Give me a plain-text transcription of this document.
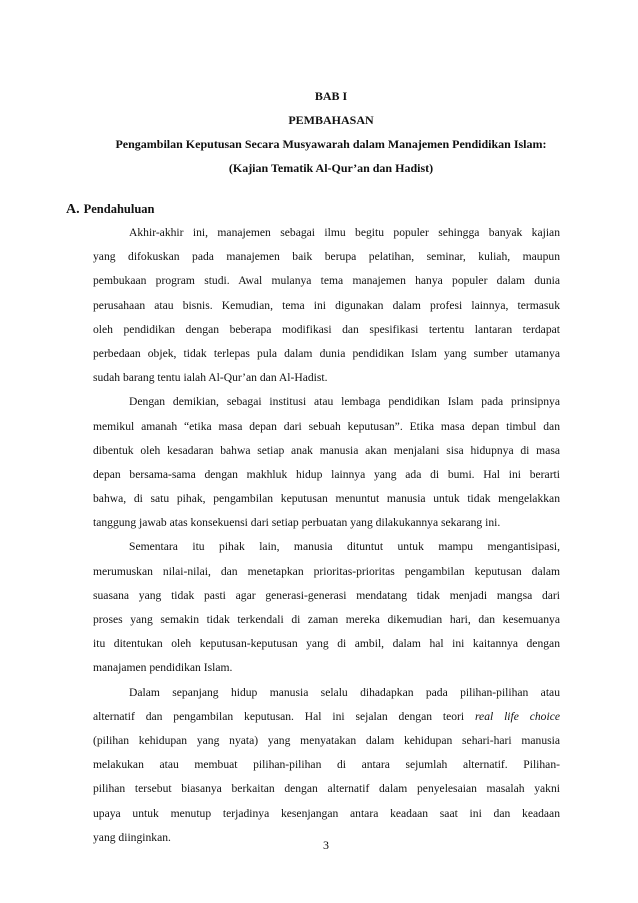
BAB I
PEMBAHASAN
Pengambilan Keputusan Secara Musyawarah dalam Manajemen Pendidikan Islam:
(Kajian Tematik Al-Qur’an dan Hadist)
A. Pendahuluan
Akhir-akhir ini, manajemen sebagai ilmu begitu populer sehingga banyak kajian
yang difokuskan pada manajemen baik berupa pelatihan, seminar, kuliah, maupun
pembukaan program studi. Awal mulanya tema manajemen hanya populer dalam dunia
perusahaan atau bisnis. Kemudian, tema ini digunakan dalam profesi lainnya, termasuk
oleh pendidikan dengan beberapa modifikasi dan spesifikasi tertentu lantaran terdapat
perbedaan objek, tidak terlepas pula dalam dunia pendidikan Islam yang sumber utamanya
sudah barang tentu ialah Al-Qur’an dan Al-Hadist.
Dengan demikian, sebagai institusi atau lembaga pendidikan Islam pada prinsipnya
memikul amanah “etika masa depan dari sebuah keputusan”. Etika masa depan timbul dan
dibentuk oleh kesadaran bahwa setiap anak manusia akan menjalani sisa hidupnya di masa
depan bersama-sama dengan makhluk hidup lainnya yang ada di bumi. Hal ini berarti
bahwa, di satu pihak, pengambilan keputusan menuntut manusia untuk tidak mengelakkan
tanggung jawab atas konsekuensi dari setiap perbuatan yang dilakukannya sekarang ini.
Sementara itu pihak lain, manusia dituntut untuk mampu mengantisipasi,
merumuskan nilai-nilai, dan menetapkan prioritas-prioritas pengambilan keputusan dalam
suasana yang tidak pasti agar generasi-generasi mendatang tidak menjadi mangsa dari
proses yang semakin tidak terkendali di zaman mereka dikemudian hari, dan kesemuanya
itu ditentukan oleh keputusan-keputusan yang di ambil, dalam hal ini kaitannya dengan
manajamen pendidikan Islam.
Dalam sepanjang hidup manusia selalu dihadapkan pada pilihan-pilihan atau
alternatif dan pengambilan keputusan. Hal ini sejalan dengan teori real life choice
(pilihan kehidupan yang nyata) yang menyatakan dalam kehidupan sehari-hari manusia
melakukan atau membuat pilihan-pilihan di antara sejumlah alternatif. Pilihan-
pilihan tersebut biasanya berkaitan dengan alternatif dalam penyelesaian masalah yakni
upaya untuk menutup terjadinya kesenjangan antara keadaan saat ini dan keadaan
yang diinginkan.
3
